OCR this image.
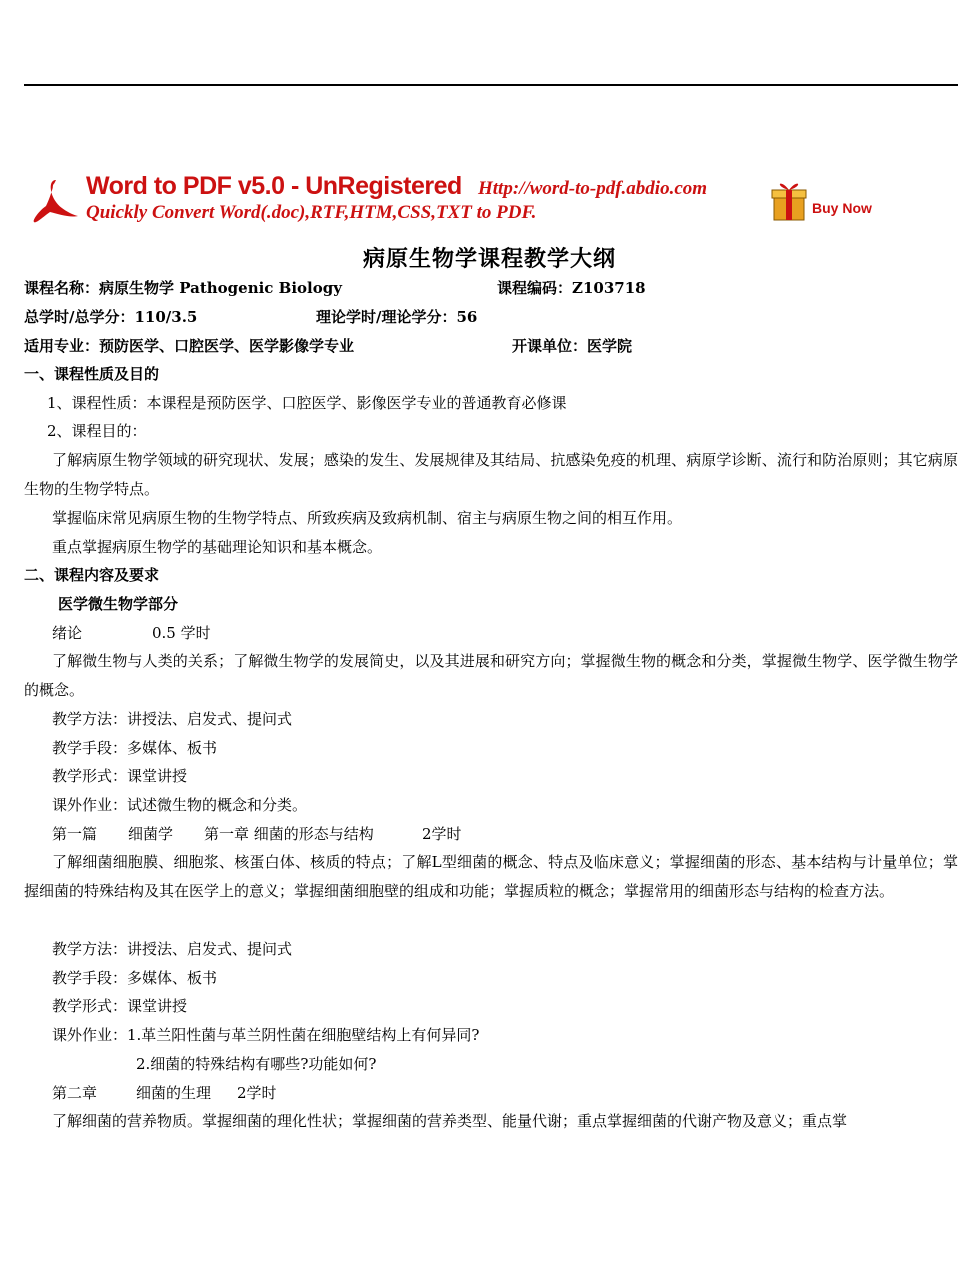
Word to PDF v5.0 - UnRegistered Http://word-to-pdf.abdio.com
Quickly Convert Word(.doc),RTF,HTM,CSS,TXT to PDF.	Buy Now
病原生物学课程教学大纲
课程名称：病原生物学 Pathogenic Biology	课程编码：Z103718
总学时/总学分：110/3.5	理论学时/理论学分：56
适用专业：预防医学、口腔医学、医学影像学专业	开课单位：医学院
一、课程性质及目的
1、课程性质：本课程是预防医学、口腔医学、影像医学专业的普通教育必修课
2、课程目的：
了解病原生物学领域的研究现状、发展；感染的发生、发展规律及其结局、抗感染免疫的机理、病原学诊断、流行和防治原则；其它病原生物的生物学特点。
掌握临床常见病原生物的生物学特点、所致疾病及致病机制、宿主与病原生物之间的相互作用。
重点掌握病原生物学的基础理论知识和基本概念。
二、课程内容及要求
医学微生物学部分
绪论	0.5 学时
了解微生物与人类的关系；了解微生物学的发展简史，以及其进展和研究方向；掌握微生物的概念和分类，掌握微生物学、医学微生物学的概念。
教学方法：讲授法、启发式、提问式
教学手段：多媒体、板书
教学形式：课堂讲授
课外作业：试述微生物的概念和分类。
第一篇 细菌学 第一章 细菌的形态与结构	2学时
了解细菌细胞膜、细胞浆、核蛋白体、核质的特点；了解L型细菌的概念、特点及临床意义；掌握细菌的形态、基本结构与计量单位；掌握细菌的特殊结构及其在医学上的意义；掌握细菌细胞壁的组成和功能；掌握质粒的概念；掌握常用的细菌形态与结构的检查方法。
教学方法：讲授法、启发式、提问式
教学手段：多媒体、板书
教学形式：课堂讲授
课外作业：1.革兰阳性菌与革兰阴性菌在细胞壁结构上有何异同?
2.细菌的特殊结构有哪些?功能如何?
第二章	细菌的生理 2学时
了解细菌的营养物质。掌握细菌的理化性状；掌握细菌的营养类型、能量代谢；重点掌握细菌的代谢产物及意义；重点掌
